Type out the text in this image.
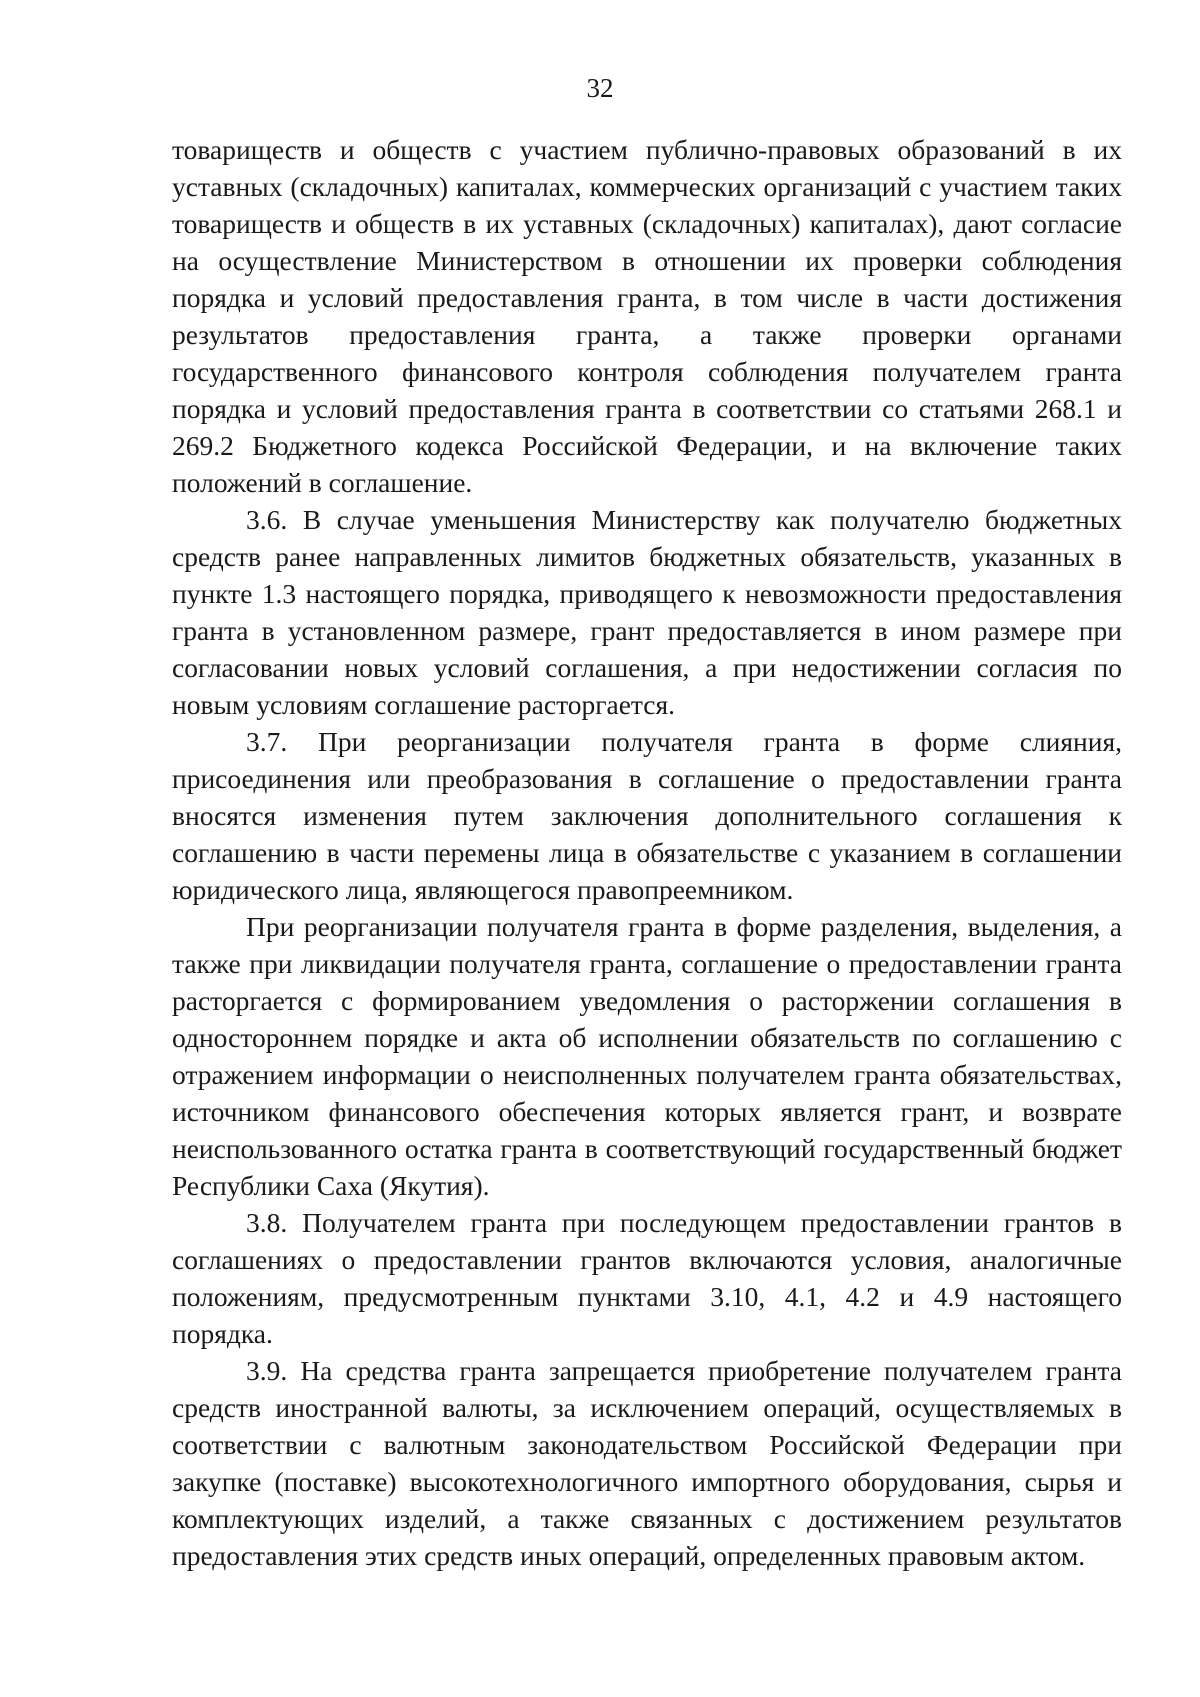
32

товариществ и обществ с участием публично-правовых образований в их уставных (складочных) капиталах, коммерческих организаций с участием таких товариществ и обществ в их уставных (складочных) капиталах), дают согласие на осуществление Министерством в отношении их проверки соблюдения порядка и условий предоставления гранта, в том числе в части достижения результатов предоставления гранта, а также проверки органами государственного финансового контроля соблюдения получателем гранта порядка и условий предоставления гранта в соответствии со статьями 268.1 и 269.2 Бюджетного кодекса Российской Федерации, и на включение таких положений в соглашение.

3.6. В случае уменьшения Министерству как получателю бюджетных средств ранее направленных лимитов бюджетных обязательств, указанных в пункте 1.3 настоящего порядка, приводящего к невозможности предоставления гранта в установленном размере, грант предоставляется в ином размере при согласовании новых условий соглашения, а при недостижении согласия по новым условиям соглашение расторгается.

3.7. При реорганизации получателя гранта в форме слияния, присоединения или преобразования в соглашение о предоставлении гранта вносятся изменения путем заключения дополнительного соглашения к соглашению в части перемены лица в обязательстве с указанием в соглашении юридического лица, являющегося правопреемником.

При реорганизации получателя гранта в форме разделения, выделения, а также при ликвидации получателя гранта, соглашение о предоставлении гранта расторгается с формированием уведомления о расторжении соглашения в одностороннем порядке и акта об исполнении обязательств по соглашению с отражением информации о неисполненных получателем гранта обязательствах, источником финансового обеспечения которых является грант, и возврате неиспользованного остатка гранта в соответствующий государственный бюджет Республики Саха (Якутия).

3.8. Получателем гранта при последующем предоставлении грантов в соглашениях о предоставлении грантов включаются условия, аналогичные положениям, предусмотренным пунктами 3.10, 4.1, 4.2 и 4.9 настоящего порядка.

3.9. На средства гранта запрещается приобретение получателем гранта средств иностранной валюты, за исключением операций, осуществляемых в соответствии с валютным законодательством Российской Федерации при закупке (поставке) высокотехнологичного импортного оборудования, сырья и комплектующих изделий, а также связанных с достижением результатов предоставления этих средств иных операций, определенных правовым актом.
